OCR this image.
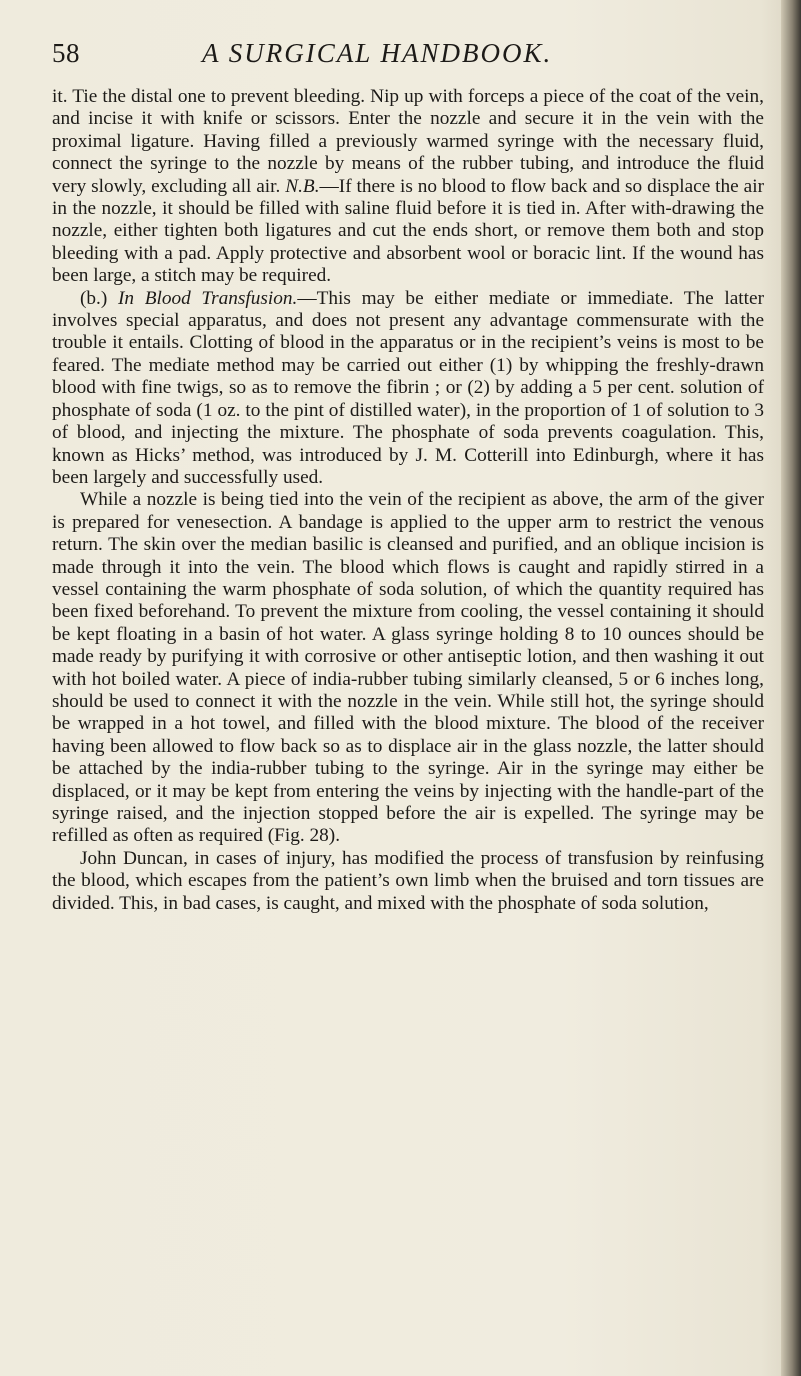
58	A SURGICAL HANDBOOK.

it. Tie the distal one to prevent bleeding. Nip up with forceps a piece of the coat of the vein, and incise it with knife or scissors. Enter the nozzle and secure it in the vein with the proximal ligature. Having filled a previously warmed syringe with the necessary fluid, connect the syringe to the nozzle by means of the rubber tubing, and introduce the fluid very slowly, excluding all air. N.B.—If there is no blood to flow back and so displace the air in the nozzle, it should be filled with saline fluid before it is tied in. After with-drawing the nozzle, either tighten both ligatures and cut the ends short, or remove them both and stop bleeding with a pad. Apply protective and absorbent wool or boracic lint. If the wound has been large, a stitch may be required.

(b.) In Blood Transfusion.—This may be either mediate or immediate. The latter involves special apparatus, and does not present any advantage commensurate with the trouble it entails. Clotting of blood in the apparatus or in the recipient’s veins is most to be feared. The mediate method may be carried out either (1) by whipping the freshly-drawn blood with fine twigs, so as to remove the fibrin ; or (2) by adding a 5 per cent. solution of phosphate of soda (1 oz. to the pint of distilled water), in the proportion of 1 of solution to 3 of blood, and injecting the mixture. The phosphate of soda prevents coagulation. This, known as Hicks’ method, was introduced by J. M. Cotterill into Edinburgh, where it has been largely and successfully used.

While a nozzle is being tied into the vein of the recipient as above, the arm of the giver is prepared for venesection. A bandage is applied to the upper arm to restrict the venous return. The skin over the median basilic is cleansed and purified, and an oblique incision is made through it into the vein. The blood which flows is caught and rapidly stirred in a vessel containing the warm phosphate of soda solution, of which the quantity required has been fixed beforehand. To prevent the mixture from cooling, the vessel containing it should be kept floating in a basin of hot water. A glass syringe holding 8 to 10 ounces should be made ready by purifying it with corrosive or other antiseptic lotion, and then washing it out with hot boiled water. A piece of india-rubber tubing similarly cleansed, 5 or 6 inches long, should be used to connect it with the nozzle in the vein. While still hot, the syringe should be wrapped in a hot towel, and filled with the blood mixture. The blood of the receiver having been allowed to flow back so as to displace air in the glass nozzle, the latter should be attached by the india-rubber tubing to the syringe. Air in the syringe may either be displaced, or it may be kept from entering the veins by injecting with the handle-part of the syringe raised, and the injection stopped before the air is expelled. The syringe may be refilled as often as required (Fig. 28).

John Duncan, in cases of injury, has modified the process of transfusion by reinfusing the blood, which escapes from the patient’s own limb when the bruised and torn tissues are divided. This, in bad cases, is caught, and mixed with the phosphate of soda solution,
